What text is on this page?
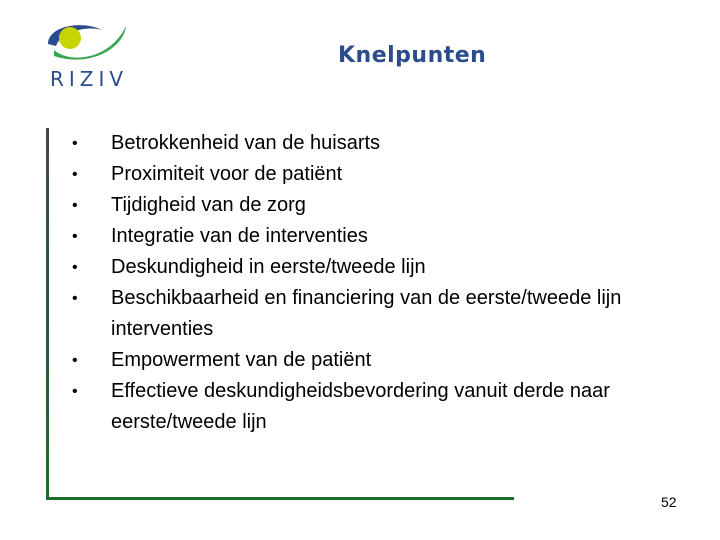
RIZIV
Knelpunten
• Betrokkenheid van de huisarts
• Proximiteit voor de patiënt
• Tijdigheid van de zorg
• Integratie van de interventies
• Deskundigheid in eerste/tweede lijn
• Beschikbaarheid en financiering van de eerste/tweede lijn interventies
• Empowerment van de patiënt
• Effectieve deskundigheidsbevordering vanuit derde naar eerste/tweede lijn
52
